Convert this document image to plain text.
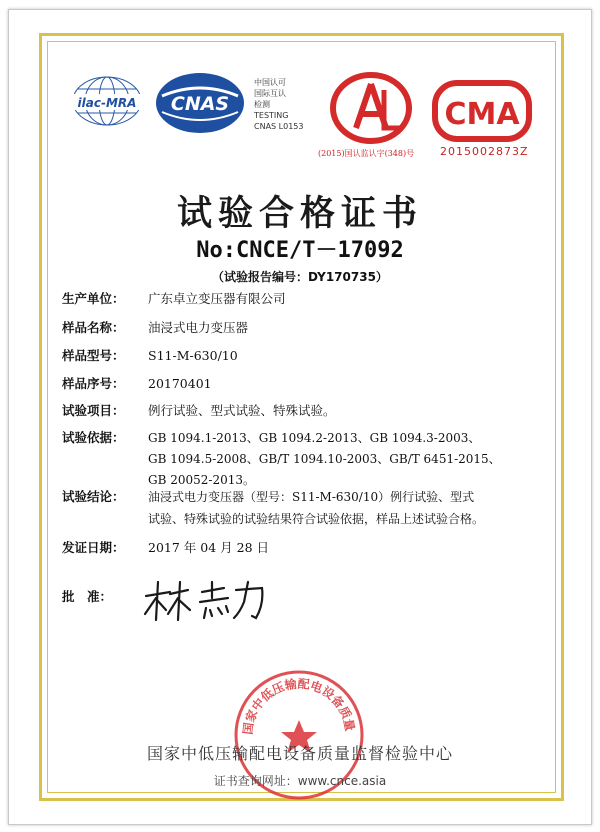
ilac-MRA CNAS
中国认可
国际互认
检测
TESTING
CNAS L0153
CAL
(2015)国认监认字(348)号
CMA
2015002873Z
试验合格证书
No:CNCE/T－17092
（试验报告编号：DY170735）
生产单位： 广东卓立变压器有限公司
样品名称： 油浸式电力变压器
样品型号： S11-M-630/10
样品序号： 20170401
试验项目： 例行试验、型式试验、特殊试验。
试验依据： GB 1094.1-2013、GB 1094.2-2013、GB 1094.3-2003、
GB 1094.5-2008、GB/T 1094.10-2003、GB/T 6451-2015、
GB 20052-2013。
试验结论： 油浸式电力变压器（型号：S11-M-630/10）例行试验、型式
试验、特殊试验的试验结果符合试验依据，样品上述试验合格。
发证日期： 2017 年 04 月 28 日
批　准：
国家中低压输配电设备质量
国家中低压输配电设备质量监督检验中心
证书查询网址：www.cnce.asia
